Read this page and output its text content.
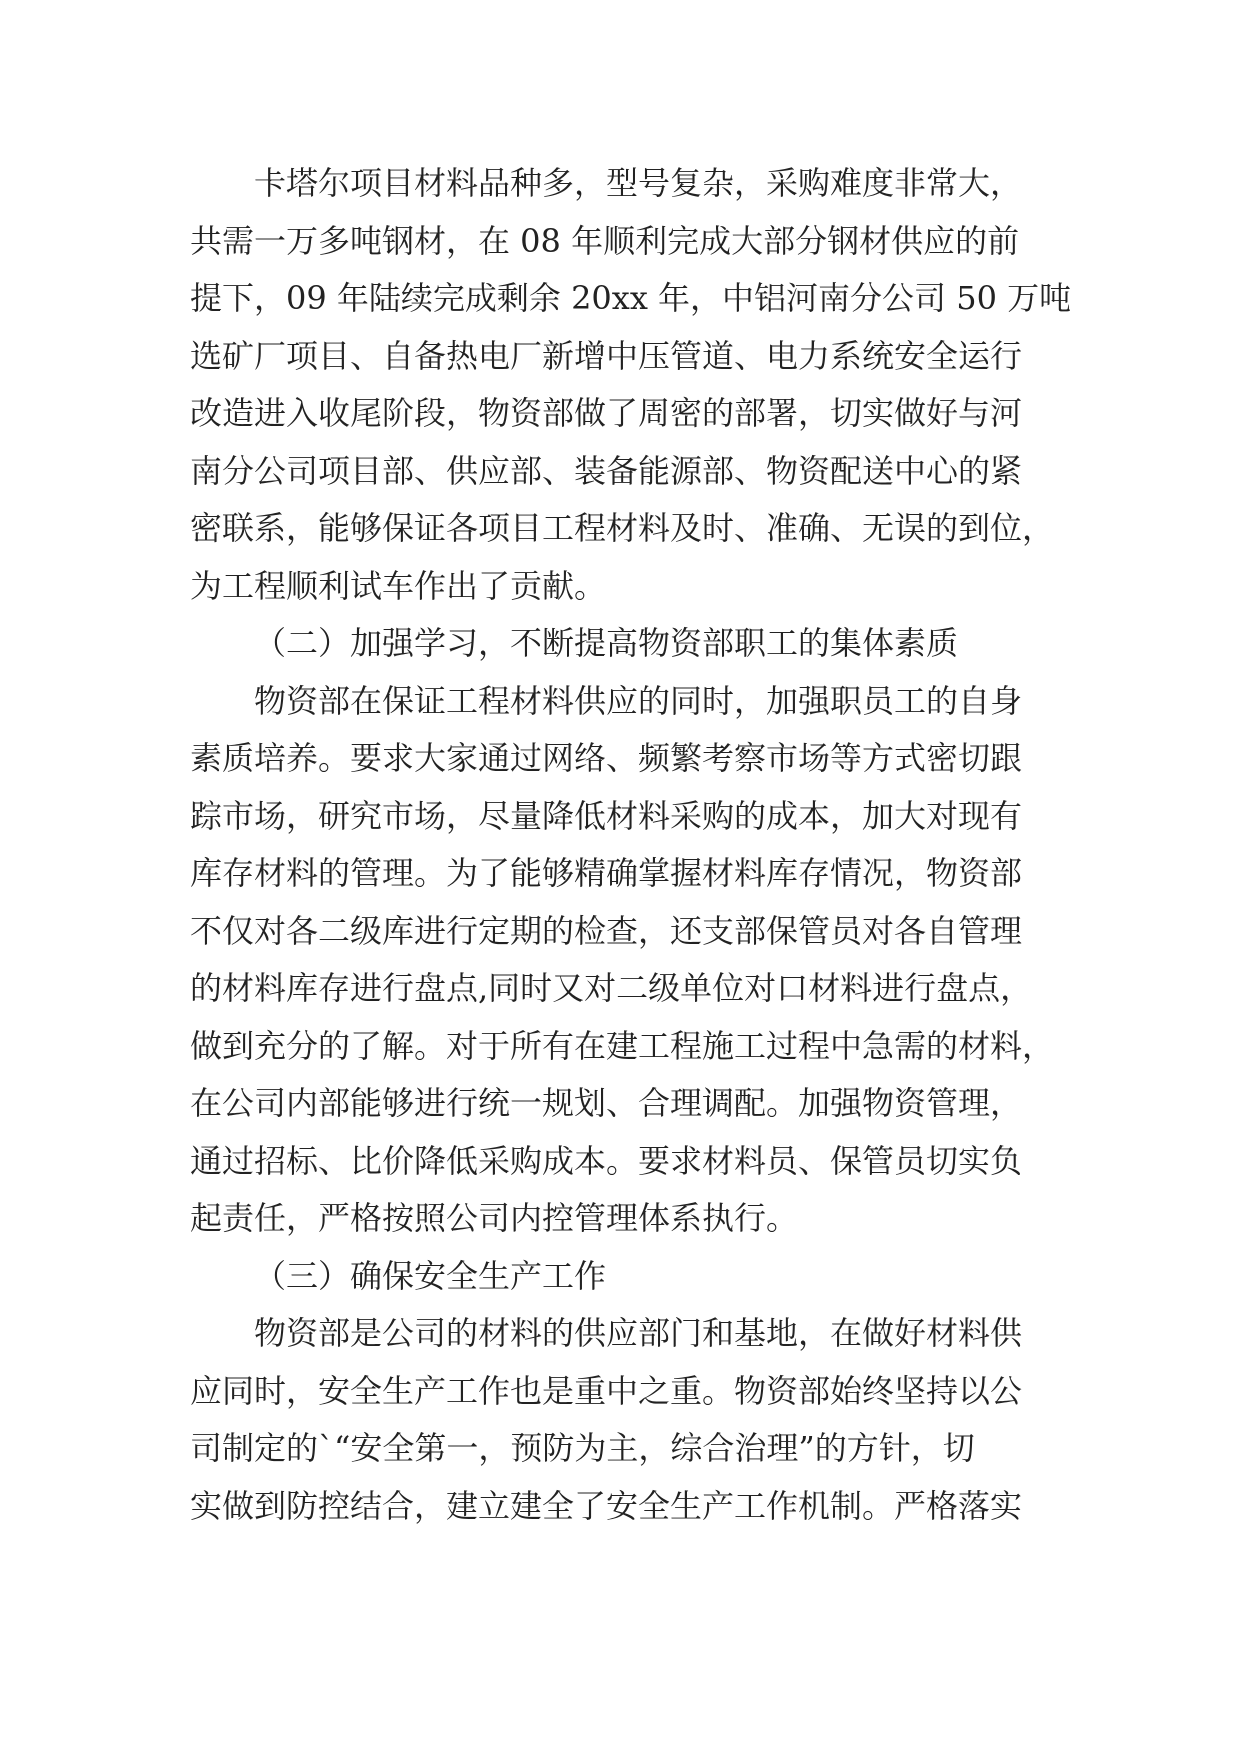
卡塔尔项目材料品种多，型号复杂，采购难度非常大，
共需一万多吨钢材，在 08 年顺利完成大部分钢材供应的前
提下，09 年陆续完成剩余 20xx 年，中铝河南分公司 50 万吨
选矿厂项目、自备热电厂新增中压管道、电力系统安全运行
改造进入收尾阶段，物资部做了周密的部署，切实做好与河
南分公司项目部、供应部、装备能源部、物资配送中心的紧
密联系，能够保证各项目工程材料及时、准确、无误的到位，
为工程顺利试车作出了贡献。
（二）加强学习，不断提高物资部职工的集体素质
物资部在保证工程材料供应的同时，加强职员工的自身
素质培养。要求大家通过网络、频繁考察市场等方式密切跟
踪市场，研究市场，尽量降低材料采购的成本，加大对现有
库存材料的管理。为了能够精确掌握材料库存情况，物资部
不仅对各二级库进行定期的检查，还支部保管员对各自管理
的材料库存进行盘点,同时又对二级单位对口材料进行盘点，
做到充分的了解。对于所有在建工程施工过程中急需的材料，
在公司内部能够进行统一规划、合理调配。加强物资管理，
通过招标、比价降低采购成本。要求材料员、保管员切实负
起责任，严格按照公司内控管理体系执行。
（三）确保安全生产工作
物资部是公司的材料的供应部门和基地，在做好材料供
应同时，安全生产工作也是重中之重。物资部始终坚持以公
司制定的`“安全第一，预防为主，综合治理”的方针，切
实做到防控结合，建立建全了安全生产工作机制。严格落实
